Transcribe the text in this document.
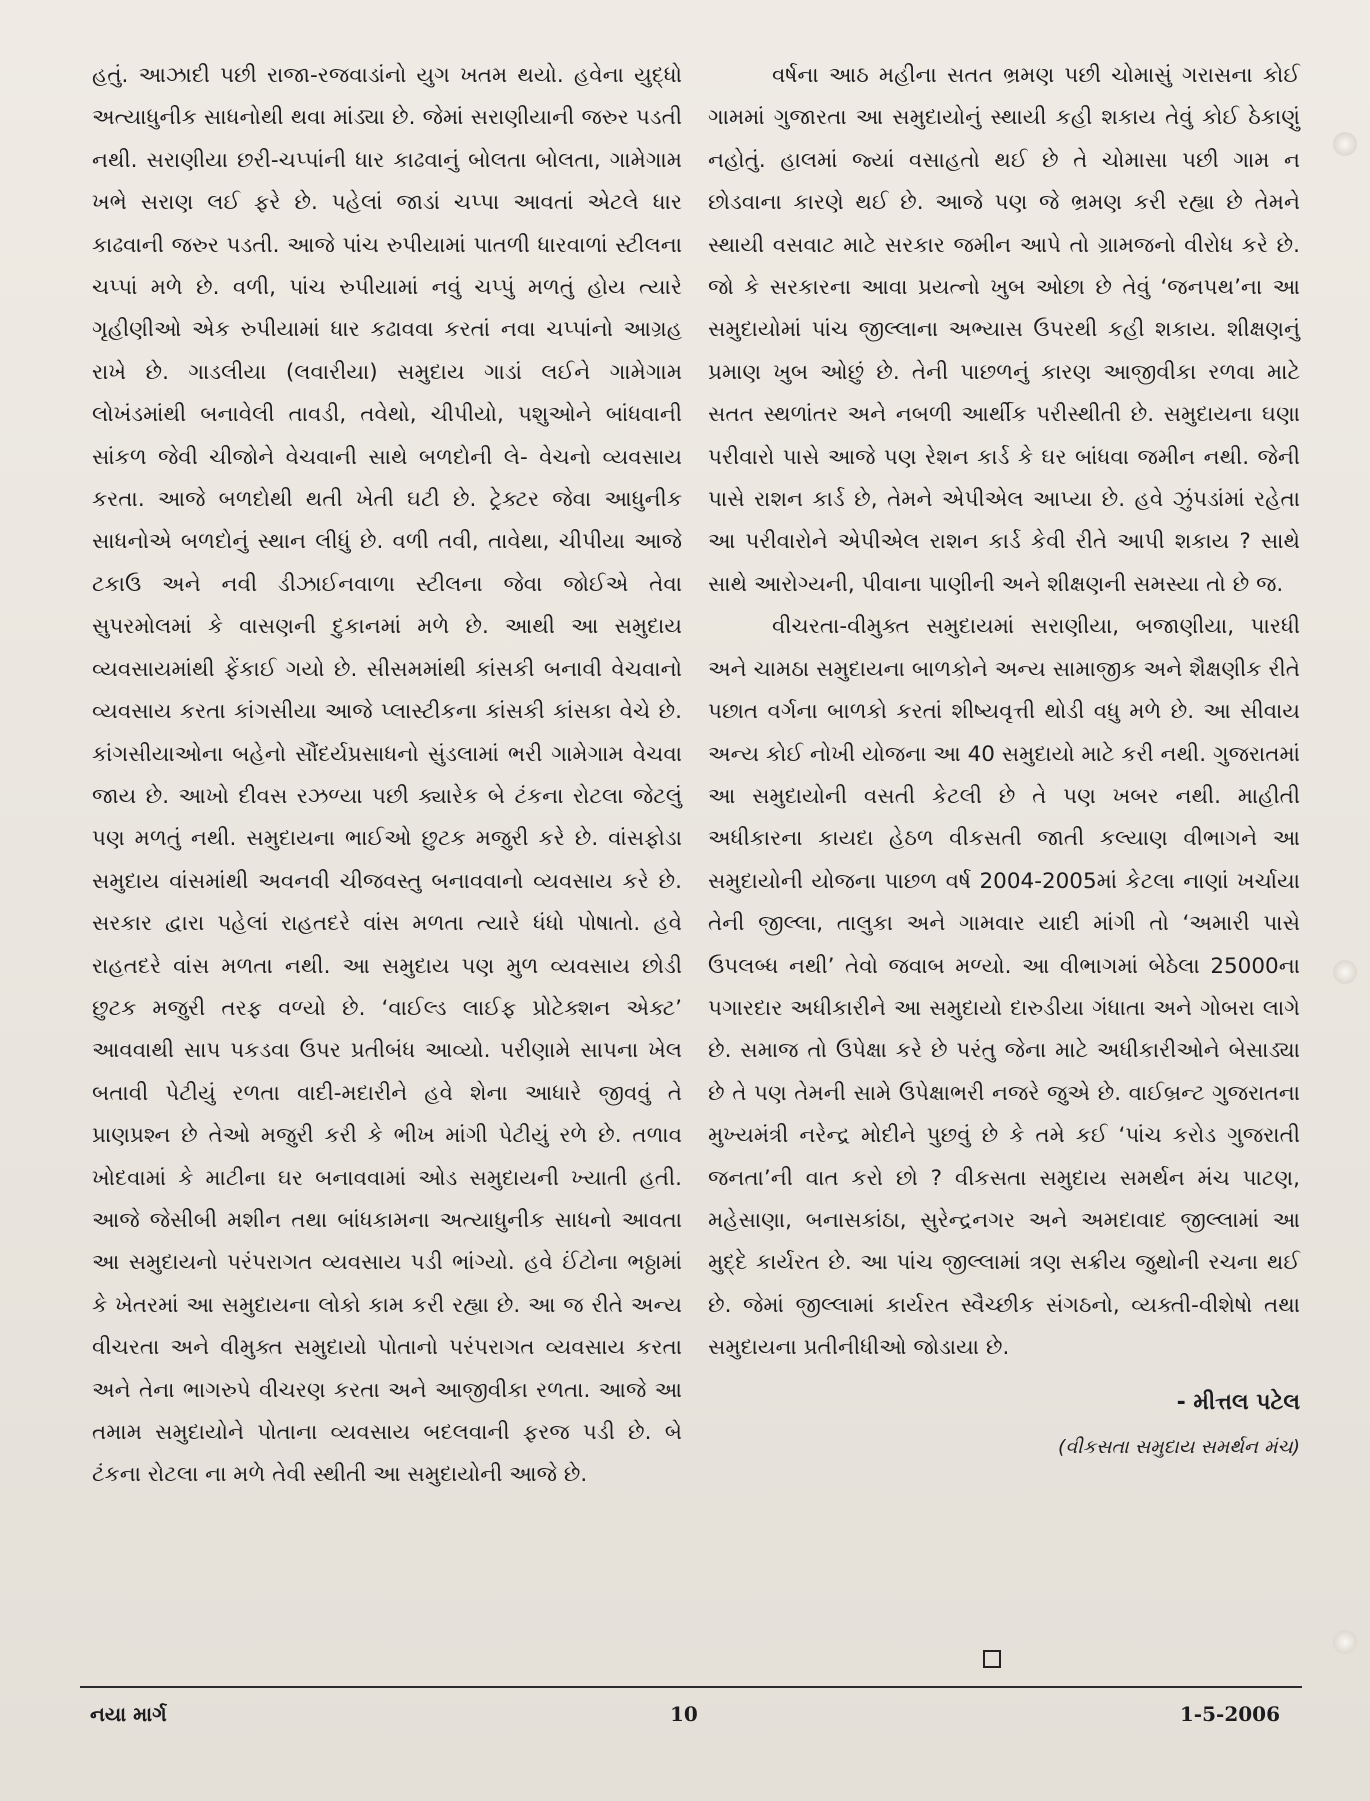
હતું. આઝાદી પછી રાજા-રજવાડાંનો યુગ ખતમ થયો. હવેના યુદ્ધો અત્યાધુનીક સાધનોથી થવા માંડ્યા છે. જેમાં સરાણીયાની જરુર પડતી નથી. સરાણીયા છરી-ચપ્પાંની ધાર કાઢવાનું બોલતા બોલતા, ગામેગામ ખભે સરાણ લઈ ફરે છે. પહેલાં જાડાં ચપ્પા આવતાં એટલે ધાર કાઢવાની જરુર પડતી. આજે પાંચ રુપીયામાં પાતળી ધારવાળાં સ્ટીલના ચપ્પાં મળે છે. વળી, પાંચ રુપીયામાં નવું ચપ્પું મળતું હોય ત્યારે ગૃહીણીઓ એક રુપીયામાં ધાર કઢાવવા કરતાં નવા ચપ્પાંનો આગ્રહ રાખે છે. ગાડલીયા (લવારીયા) સમુદાય ગાડાં લઈને ગામેગામ લોખંડમાંથી બનાવેલી તાવડી, તવેથો, ચીપીયો, પશુઓને બાંધવાની સાંકળ જેવી ચીજોને વેચવાની સાથે બળદોની લે- વેચનો વ્યવસાય કરતા. આજે બળદોથી થતી ખેતી ઘટી છે. ટ્રેક્ટર જેવા આધુનીક સાધનોએ બળદોનું સ્થાન લીધું છે. વળી તવી, તાવેથા, ચીપીયા આજે ટકાઉ અને નવી ડીઝાઈનવાળા સ્ટીલના જેવા જોઈએ તેવા સુપરમોલમાં કે વાસણની દુકાનમાં મળે છે. આથી આ સમુદાય વ્યવસાયમાંથી ફેંકાઈ ગયો છે. સીસમમાંથી કાંસકી બનાવી વેચવાનો વ્યવસાય કરતા કાંગસીયા આજે પ્લાસ્ટીકના કાંસકી કાંસકા વેચે છે. કાંગસીયાઓના બહેનો સૌંદર્યપ્રસાધનો સુંડલામાં ભરી ગામેગામ વેચવા જાય છે. આખો દીવસ રઝળ્યા પછી ક્યારેક બે ટંકના રોટલા જેટલું પણ મળતું નથી. સમુદાયના ભાઈઓ છુટક મજુરી કરે છે. વાંસફોડા સમુદાય વાંસમાંથી અવનવી ચીજવસ્તુ બનાવવાનો વ્યવસાય કરે છે. સરકાર દ્વારા પહેલાં રાહતદરે વાંસ મળતા ત્યારે ધંધો પોષાતો. હવે રાહતદરે વાંસ મળતા નથી. આ સમુદાય પણ મુળ વ્યવસાય છોડી છુટક મજુરી તરફ વળ્યો છે. ‘વાઈલ્ડ લાઈફ પ્રોટેક્શન એક્ટ’ આવવાથી સાપ પકડવા ઉપર પ્રતીબંધ આવ્યો. પરીણામે સાપના ખેલ બતાવી પેટીયું રળતા વાદી-મદારીને હવે શેના આધારે જીવવું તે પ્રાણપ્રશ્ન છે તેઓ મજુરી કરી કે ભીખ માંગી પેટીયું રળે છે. તળાવ ખોદવામાં કે માટીના ઘર બનાવવામાં ઓડ સમુદાયની ખ્યાતી હતી. આજે જેસીબી મશીન તથા બાંધકામના અત્યાધુનીક સાધનો આવતા આ સમુદાયનો પરંપરાગત વ્યવસાય પડી ભાંગ્યો. હવે ઈંટોના ભઠ્ઠામાં કે ખેતરમાં આ સમુદાયના લોકો કામ કરી રહ્યા છે. આ જ રીતે અન્ય વીચરતા અને વીમુક્ત સમુદાયો પોતાનો પરંપરાગત વ્યવસાય કરતા અને તેના ભાગરુપે વીચરણ કરતા અને આજીવીકા રળતા. આજે આ તમામ સમુદાયોને પોતાના વ્યવસાય બદલવાની ફરજ પડી છે. બે ટંકના રોટલા ના મળે તેવી સ્થીતી આ સમુદાયોની આજે છે.

વર્ષના આઠ મહીના સતત ભ્રમણ પછી ચોમાસું ગરાસના કોઈ ગામમાં ગુજારતા આ સમુદાયોનું સ્થાયી કહી શકાય તેવું કોઈ ઠેકાણું નહોતું. હાલમાં જ્યાં વસાહતો થઈ છે તે ચોમાસા પછી ગામ ન છોડવાના કારણે થઈ છે. આજે પણ જે ભ્રમણ કરી રહ્યા છે તેમને સ્થાયી વસવાટ માટે સરકાર જમીન આપે તો ગ્રામજનો વીરોધ કરે છે. જો કે સરકારના આવા પ્રયત્નો ખુબ ઓછા છે તેવું ‘જનપથ’ના આ સમુદાયોમાં પાંચ જીલ્લાના અભ્યાસ ઉપરથી કહી શકાય. શીક્ષણનું પ્રમાણ ખુબ ઓછું છે. તેની પાછળનું કારણ આજીવીકા રળવા માટે સતત સ્થળાંતર અને નબળી આર્થીક પરીસ્થીતી છે. સમુદાયના ઘણા પરીવારો પાસે આજે પણ રેશન કાર્ડ કે ઘર બાંધવા જમીન નથી. જેની પાસે રાશન કાર્ડ છે, તેમને એપીએલ આપ્યા છે. હવે ઝુંપડાંમાં રહેતા આ પરીવારોને એપીએલ રાશન કાર્ડ કેવી રીતે આપી શકાય ? સાથે સાથે આરોગ્યની, પીવાના પાણીની અને શીક્ષણની સમસ્યા તો છે જ.

વીચરતા-વીમુક્ત સમુદાયમાં સરાણીયા, બજાણીયા, પારધી અને ચામઠા સમુદાયના બાળકોને અન્ય સામાજીક અને શૈક્ષણીક રીતે પછાત વર્ગના બાળકો કરતાં શીષ્યવૃત્તી થોડી વધુ મળે છે. આ સીવાય અન્ય કોઈ નોખી યોજના આ 40 સમુદાયો માટે કરી નથી. ગુજરાતમાં આ સમુદાયોની વસતી કેટલી છે તે પણ ખબર નથી. માહીતી અધીકારના કાયદા હેઠળ વીકસતી જાતી કલ્યાણ વીભાગને આ સમુદાયોની યોજના પાછળ વર્ષ 2004-2005માં કેટલા નાણાં ખર્ચાયા તેની જીલ્લા, તાલુકા અને ગામવાર યાદી માંગી તો ‘અમારી પાસે ઉપલબ્ધ નથી’ તેવો જવાબ મળ્યો. આ વીભાગમાં બેઠેલા 25000ના પગારદાર અધીકારીને આ સમુદાયો દારુડીયા ગંધાતા અને ગોબરા લાગે છે. સમાજ તો ઉપેક્ષા કરે છે પરંતુ જેના માટે અધીકારીઓને બેસાડ્યા છે તે પણ તેમની સામે ઉપેક્ષાભરી નજરે જુએ છે. વાઈબ્રન્ટ ગુજરાતના મુખ્યમંત્રી નરેન્દ્ર મોદીને પુછવું છે કે તમે કઈ ‘પાંચ કરોડ ગુજરાતી જનતા’ની વાત કરો છો ? વીકસતા સમુદાય સમર્થન મંચ પાટણ, મહેસાણા, બનાસકાંઠા, સુરેન્દ્રનગર અને અમદાવાદ જીલ્લામાં આ મુદ્દે કાર્યરત છે. આ પાંચ જીલ્લામાં ત્રણ સક્રીય જુથોની રચના થઈ છે. જેમાં જીલ્લામાં કાર્યરત સ્વૈચ્છીક સંગઠનો, વ્યક્તી-વીશેષો તથા સમુદાયના પ્રતીનીધીઓ જોડાયા છે.

- મીત્તલ પટેલ
(વીકસતા સમુદાય સમર્થન મંચ)
નયા માર્ગ	10	1-5-2006
